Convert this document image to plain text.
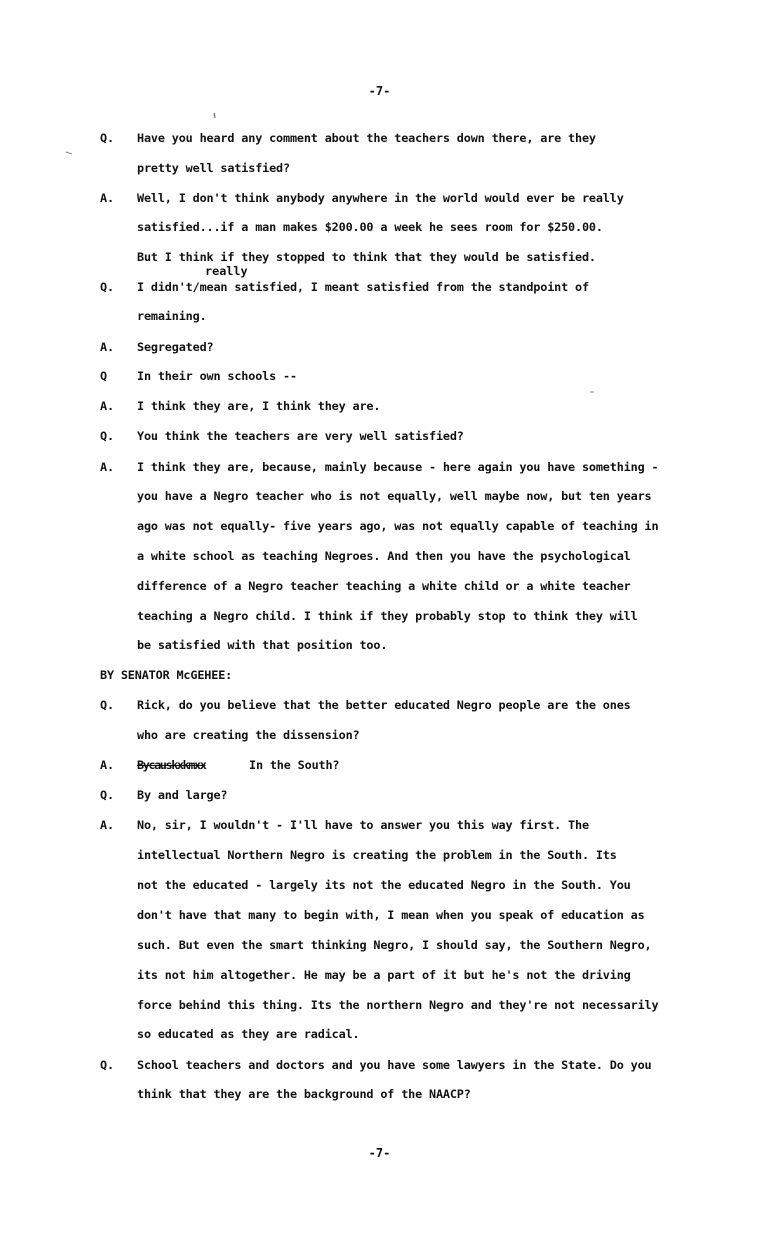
-7-
really
Q. Have you heard any comment about the teachers down there, are they
pretty well satisfied?
A. Well, I don't think anybody anywhere in the world would ever be really
satisfied...if a man makes $200.00 a week he sees room for $250.00.
But I think if they stopped to think that they would be satisfied.
Q. I didn't/mean satisfied, I meant satisfied from the standpoint of
remaining.
A. Segregated?
Q	In their own schools --
A. I think they are, I think they are.
Q. You think the teachers are very well satisfied?
A. I think they are, because, mainly because - here again you have something -
you have a Negro teacher who is not equally, well maybe now, but ten years
ago was not equally- five years ago, was not equally capable of teaching in
a white school as teaching Negroes. And then you have the psychological
difference of a Negro teacher teaching a white child or a white teacher
teaching a Negro child. I think if they probably stop to think they will
be satisfied with that position too.
BY SENATOR McGEHEE:
Q. Rick, do you believe that the better educated Negro people are the ones
who are creating the dissension?
A. Bycauskxkmxx	In the South?
Q. By and large?
A. No, sir, I wouldn't - I'll have to answer you this way first. The
intellectual Northern Negro is creating the problem in the South. Its
not the educated - largely its not the educated Negro in the South. You
don't have that many to begin with, I mean when you speak of education as
such. But even the smart thinking Negro, I should say, the Southern Negro,
its not him altogether. He may be a part of it but he's not the driving
force behind this thing. Its the northern Negro and they're not necessarily
so educated as they are radical.
Q. School teachers and doctors and you have some lawyers in the State. Do you
think that they are the background of the NAACP?
-7-
